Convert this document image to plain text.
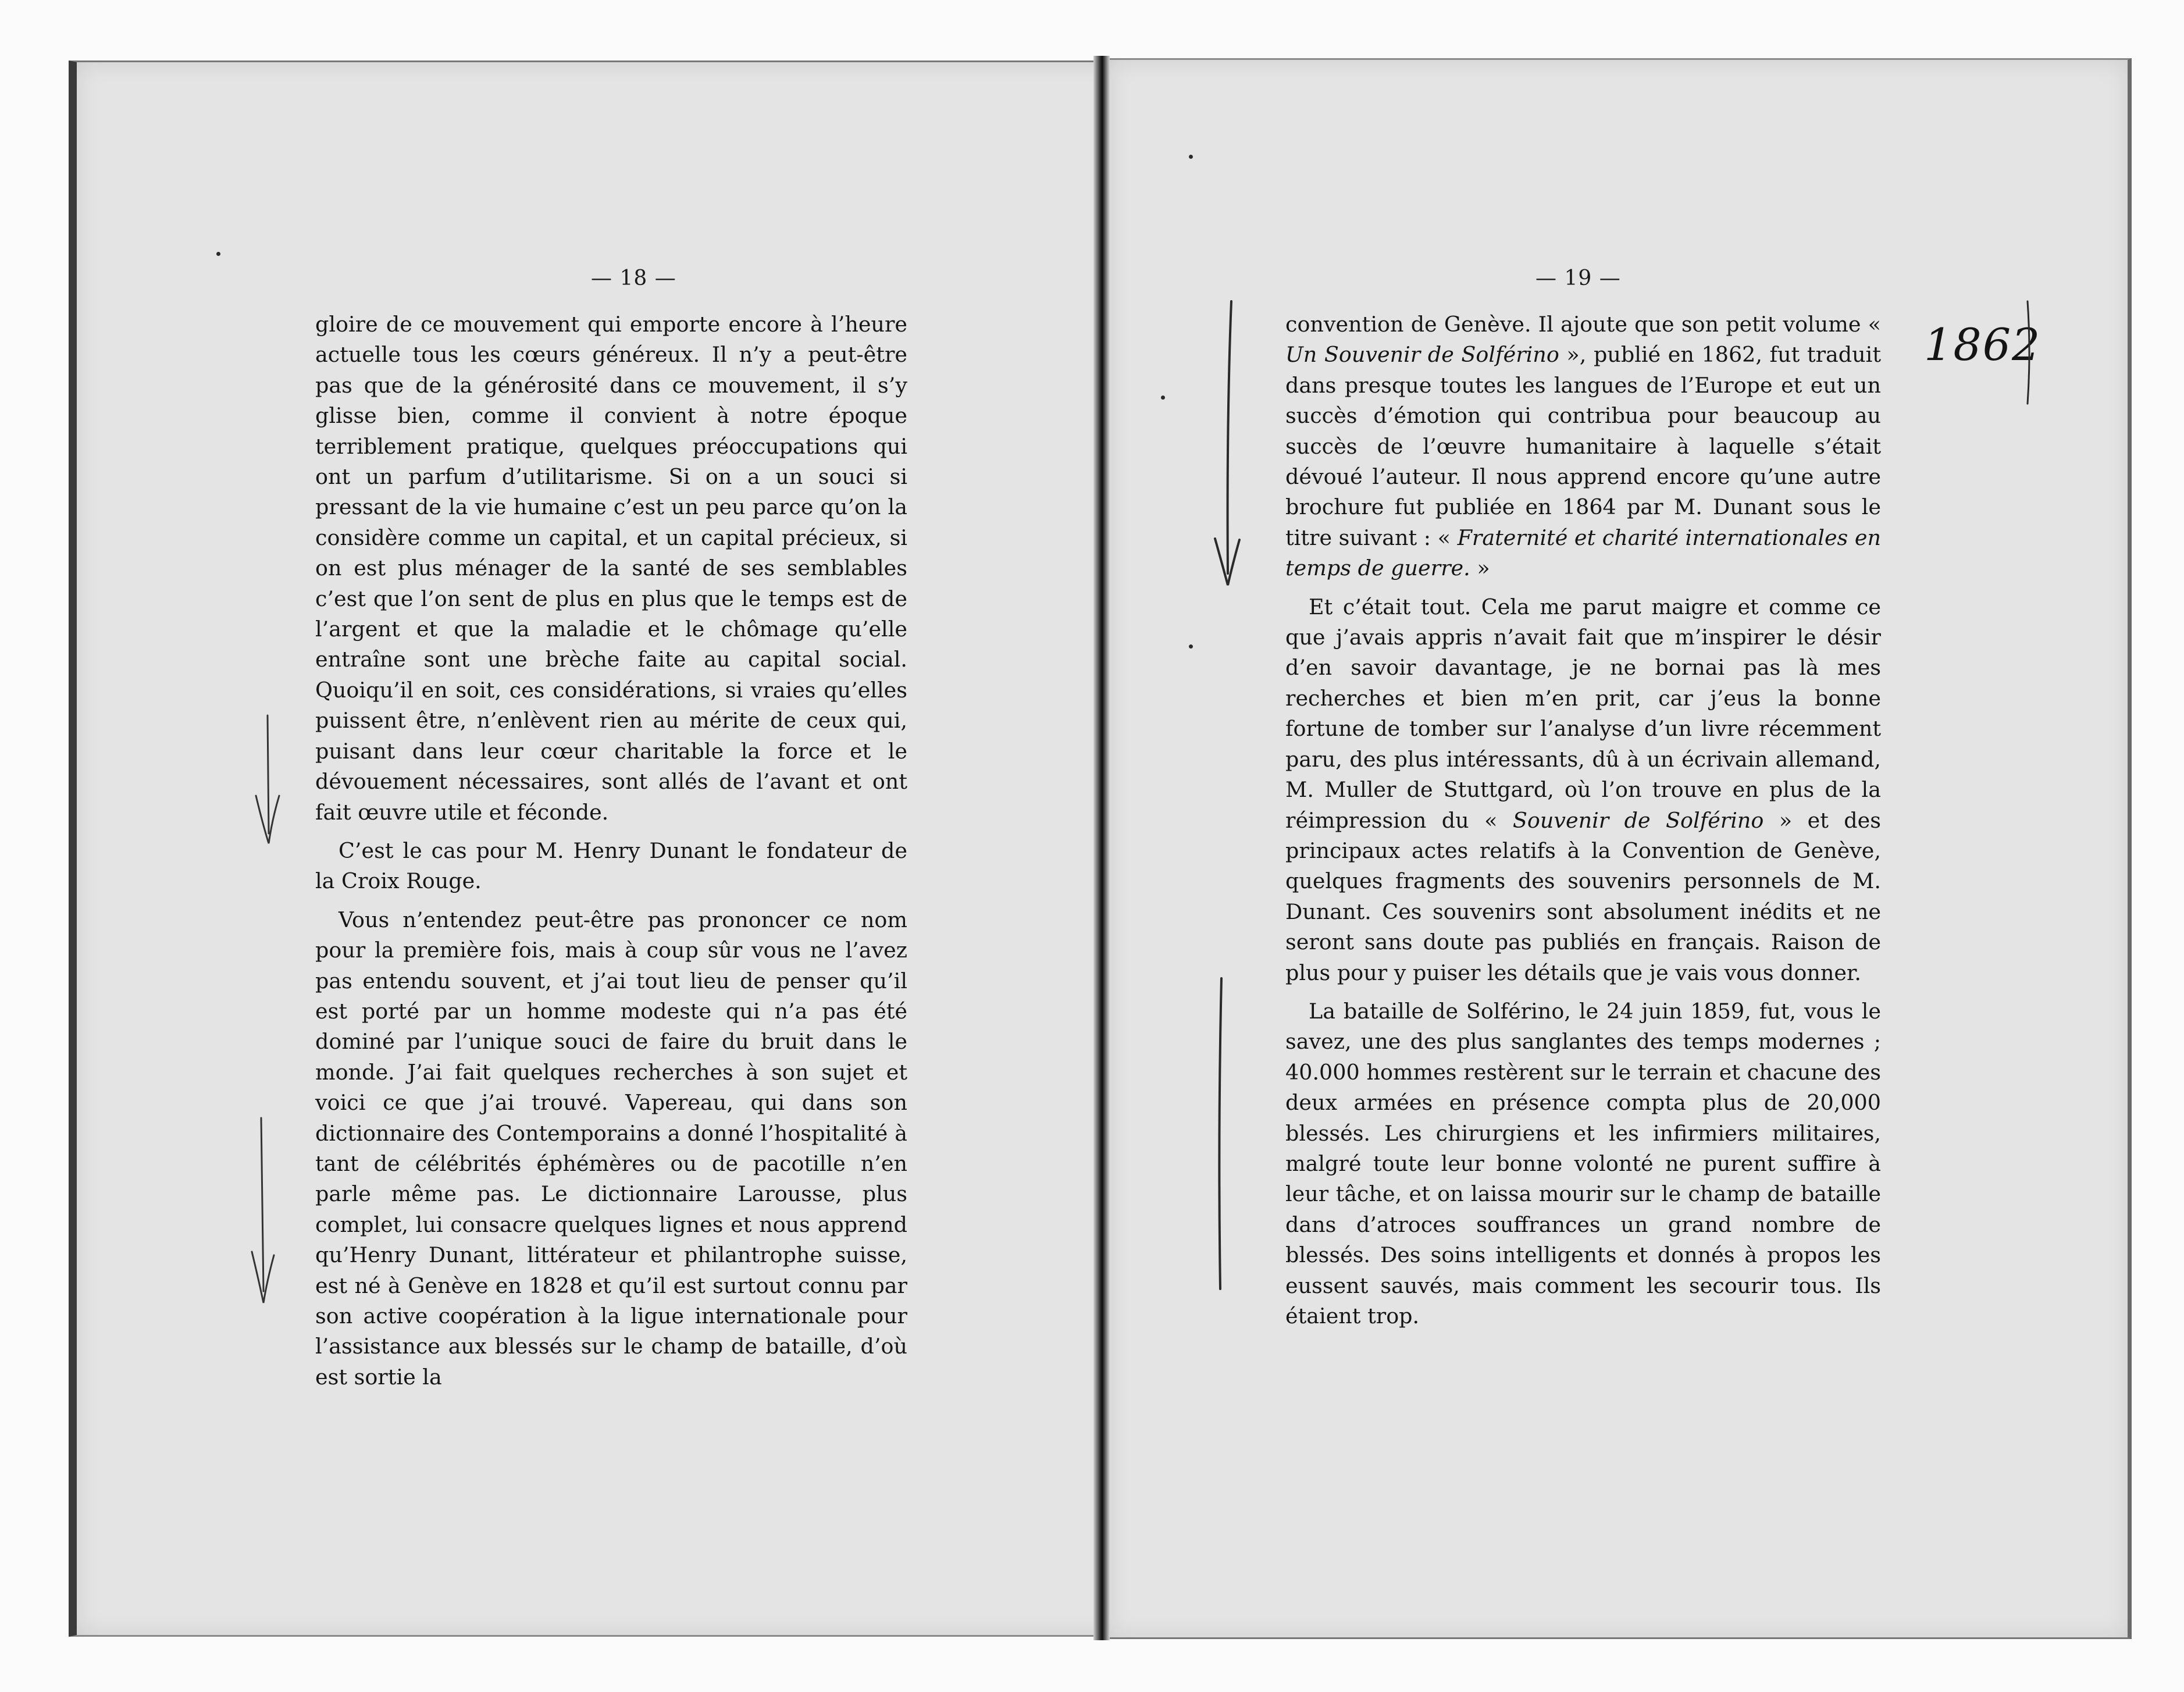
— 18 —	— 19 —

gloire de ce mouvement qui emporte encore à l’heure actuelle tous les cœurs généreux. Il n’y a peut-être pas que de la générosité dans ce mouvement, il s’y glisse bien, comme il convient à notre époque terriblement pratique, quelques préoccupations qui ont un parfum d’utilitarisme. Si on a un souci si pressant de la vie humaine c’est un peu parce qu’on la considère comme un capital, et un capital précieux, si on est plus ménager de la santé de ses semblables c’est que l’on sent de plus en plus que le temps est de l’argent et que la maladie et le chômage qu’elle entraîne sont une brèche faite au capital social. Quoiqu’il en soit, ces considérations, si vraies qu’elles puissent être, n’enlèvent rien au mérite de ceux qui, puisant dans leur cœur charitable la force et le dévouement nécessaires, sont allés de l’avant et ont fait œuvre utile et féconde.

C’est le cas pour M. Henry Dunant le fondateur de la Croix Rouge.

Vous n’entendez peut-être pas prononcer ce nom pour la première fois, mais à coup sûr vous ne l’avez pas entendu souvent, et j’ai tout lieu de penser qu’il est porté par un homme modeste qui n’a pas été dominé par l’unique souci de faire du bruit dans le monde. J’ai fait quelques recherches à son sujet et voici ce que j’ai trouvé. Vapereau, qui dans son dictionnaire des Contemporains a donné l’hospitalité à tant de célébrités éphémères ou de pacotille n’en parle même pas. Le dictionnaire Larousse, plus complet, lui consacre quelques lignes et nous apprend qu’Henry Dunant, littérateur et philantrophe suisse, est né à Genève en 1828 et qu’il est surtout connu par son active coopération à la ligue internationale pour l’assistance aux blessés sur le champ de bataille, d’où est sortie la

convention de Genève. Il ajoute que son petit volume « Un Souvenir de Solférino », publié en 1862, fut traduit dans presque toutes les langues de l’Europe et eut un succès d’émotion qui contribua pour beaucoup au succès de l’œuvre humanitaire à laquelle s’était dévoué l’auteur. Il nous apprend encore qu’une autre brochure fut publiée en 1864 par M. Dunant sous le titre suivant : « Fraternité et charité internationales en temps de guerre. »

Et c’était tout. Cela me parut maigre et comme ce que j’avais appris n’avait fait que m’inspirer le désir d’en savoir davantage, je ne bornai pas là mes recherches et bien m’en prit, car j’eus la bonne fortune de tomber sur l’analyse d’un livre récemment paru, des plus intéressants, dû à un écrivain allemand, M. Muller de Stuttgard, où l’on trouve en plus de la réimpression du « Souvenir de Solférino » et des principaux actes relatifs à la Convention de Genève, quelques fragments des souvenirs personnels de M. Dunant. Ces souvenirs sont absolument inédits et ne seront sans doute pas publiés en français. Raison de plus pour y puiser les détails que je vais vous donner.

La bataille de Solférino, le 24 juin 1859, fut, vous le savez, une des plus sanglantes des temps modernes ; 40.000 hommes restèrent sur le terrain et chacune des deux armées en présence compta plus de 20,000 blessés. Les chirurgiens et les infirmiers militaires, malgré toute leur bonne volonté ne purent suffire à leur tâche, et on laissa mourir sur le champ de bataille dans d’atroces souffrances un grand nombre de blessés. Des soins intelligents et donnés à propos les eussent sauvés, mais comment les secourir tous. Ils étaient trop.

1862
